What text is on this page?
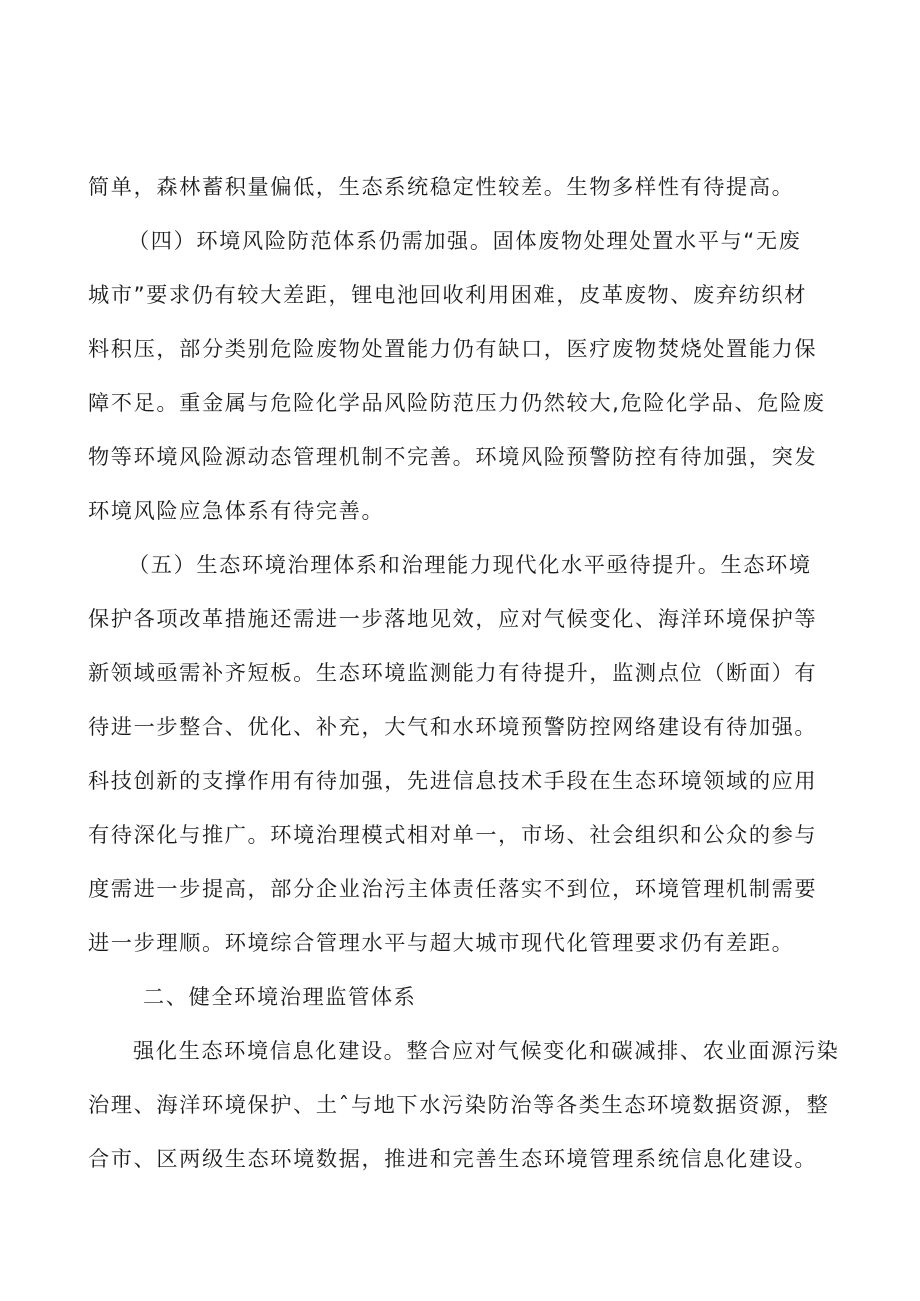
简单，森林蓄积量偏低，生态系统稳定性较差。生物多样性有待提高。
（四）环境风险防范体系仍需加强。固体废物处理处置水平与“无废
城市”要求仍有较大差距，锂电池回收利用困难，皮革废物、废弃纺织材
料积压，部分类别危险废物处置能力仍有缺口，医疗废物焚烧处置能力保
障不足。重金属与危险化学品风险防范压力仍然较大,危险化学品、危险废
物等环境风险源动态管理机制不完善。环境风险预警防控有待加强，突发
环境风险应急体系有待完善。
（五）生态环境治理体系和治理能力现代化水平亟待提升。生态环境
保护各项改革措施还需进一步落地见效，应对气候变化、海洋环境保护等
新领域亟需补齐短板。生态环境监测能力有待提升，监测点位（断面）有
待进一步整合、优化、补充，大气和水环境预警防控网络建设有待加强。
科技创新的支撑作用有待加强，先进信息技术手段在生态环境领域的应用
有待深化与推广。环境治理模式相对单一，市场、社会组织和公众的参与
度需进一步提高，部分企业治污主体责任落实不到位，环境管理机制需要
进一步理顺。环境综合管理水平与超大城市现代化管理要求仍有差距。
二、健全环境治理监管体系
强化生态环境信息化建设。整合应对气候变化和碳减排、农业面源污染
治理、海洋环境保护、土ˆ与地下水污染防治等各类生态环境数据资源，整
合市、区两级生态环境数据，推进和完善生态环境管理系统信息化建设。
